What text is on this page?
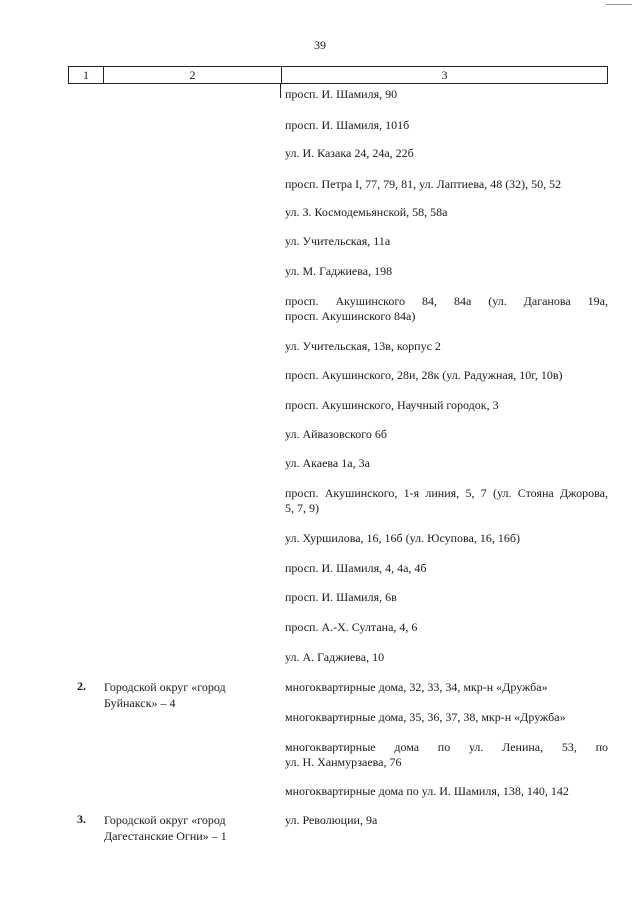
39
1	2	3
просп. И. Шамиля, 90
просп. И. Шамиля, 101б
ул. И. Казака 24, 24а, 22б
просп. Петра I, 77, 79, 81, ул. Лаптиева, 48 (32), 50, 52
ул. З. Космодемьянской, 58, 58а
ул. Учительская, 11а
ул. М. Гаджиева, 198
просп. Акушинского 84, 84а (ул. Даганова 19а,
просп. Акушинского 84а)
ул. Учительская, 13в, корпус 2
просп. Акушинского, 28и, 28к (ул. Радужная, 10г, 10в)
просп. Акушинского, Научный городок, 3
ул. Айвазовского 6б
ул. Акаева 1а, 3а
просп. Акушинского, 1-я линия, 5, 7 (ул. Стояна Джорова,
5, 7, 9)
ул. Хуршилова, 16, 16б (ул. Юсупова, 16, 16б)
просп. И. Шамиля, 4, 4а, 4б
просп. И. Шамиля, 6в
просп. А.-Х. Султана, 4, 6
ул. А. Гаджиева, 10
2. Городской округ «город
Буйнакск» – 4
многоквартирные дома, 32, 33, 34, мкр-н «Дружба»
многоквартирные дома, 35, 36, 37, 38, мкр-н «Дружба»
многоквартирные дома по ул. Ленина, 53, по
ул. Н. Ханмурзаева, 76
многоквартирные дома по ул. И. Шамиля, 138, 140, 142
3. Городской округ «город
Дагестанские Огни» – 1
ул. Революции, 9а
